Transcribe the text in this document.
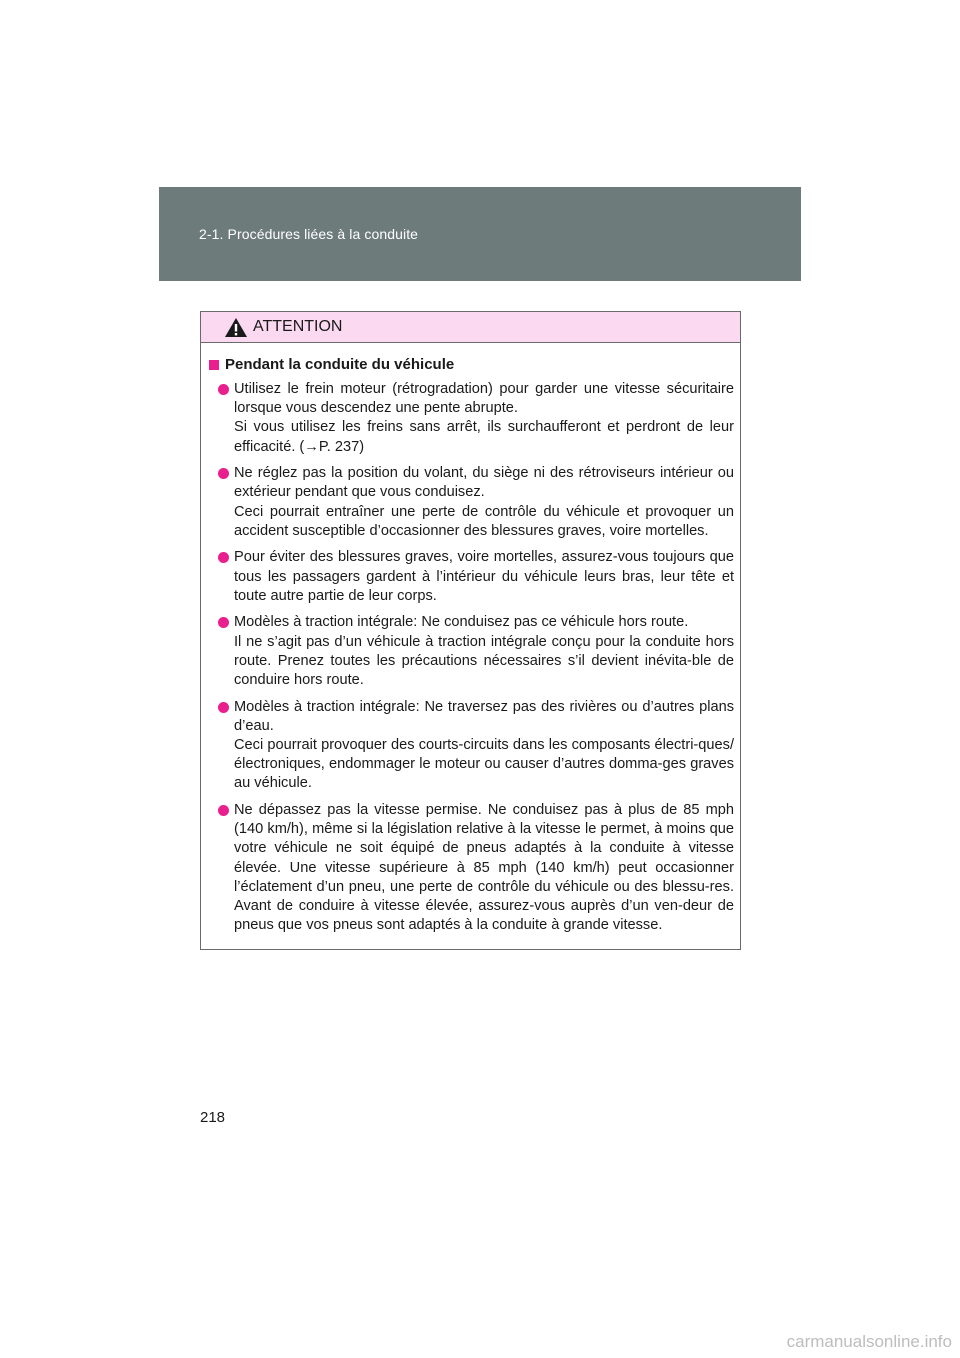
2-1. Procédures liées à la conduite
ATTENTION
Pendant la conduite du véhicule
Utilisez le frein moteur (rétrogradation) pour garder une vitesse sécuritaire lorsque vous descendez une pente abrupte.
Si vous utilisez les freins sans arrêt, ils surchaufferont et perdront de leur efficacité. (→P. 237)
Ne réglez pas la position du volant, du siège ni des rétroviseurs intérieur ou extérieur pendant que vous conduisez.
Ceci pourrait entraîner une perte de contrôle du véhicule et provoquer un accident susceptible d’occasionner des blessures graves, voire mortelles.
Pour éviter des blessures graves, voire mortelles, assurez-vous toujours que tous les passagers gardent à l’intérieur du véhicule leurs bras, leur tête et toute autre partie de leur corps.
Modèles à traction intégrale: Ne conduisez pas ce véhicule hors route.
Il ne s’agit pas d’un véhicule à traction intégrale conçu pour la conduite hors route. Prenez toutes les précautions nécessaires s’il devient inévita-ble de conduire hors route.
Modèles à traction intégrale: Ne traversez pas des rivières ou d’autres plans d’eau.
Ceci pourrait provoquer des courts-circuits dans les composants électri-ques/électroniques, endommager le moteur ou causer d’autres domma-ges graves au véhicule.
Ne dépassez pas la vitesse permise. Ne conduisez pas à plus de 85 mph (140 km/h), même si la législation relative à la vitesse le permet, à moins que votre véhicule ne soit équipé de pneus adaptés à la conduite à vitesse élevée. Une vitesse supérieure à 85 mph (140 km/h) peut occasionner l’éclatement d’un pneu, une perte de contrôle du véhicule ou des blessu-res. Avant de conduire à vitesse élevée, assurez-vous auprès d’un ven-deur de pneus que vos pneus sont adaptés à la conduite à grande vitesse.
218
carmanualsonline.info
